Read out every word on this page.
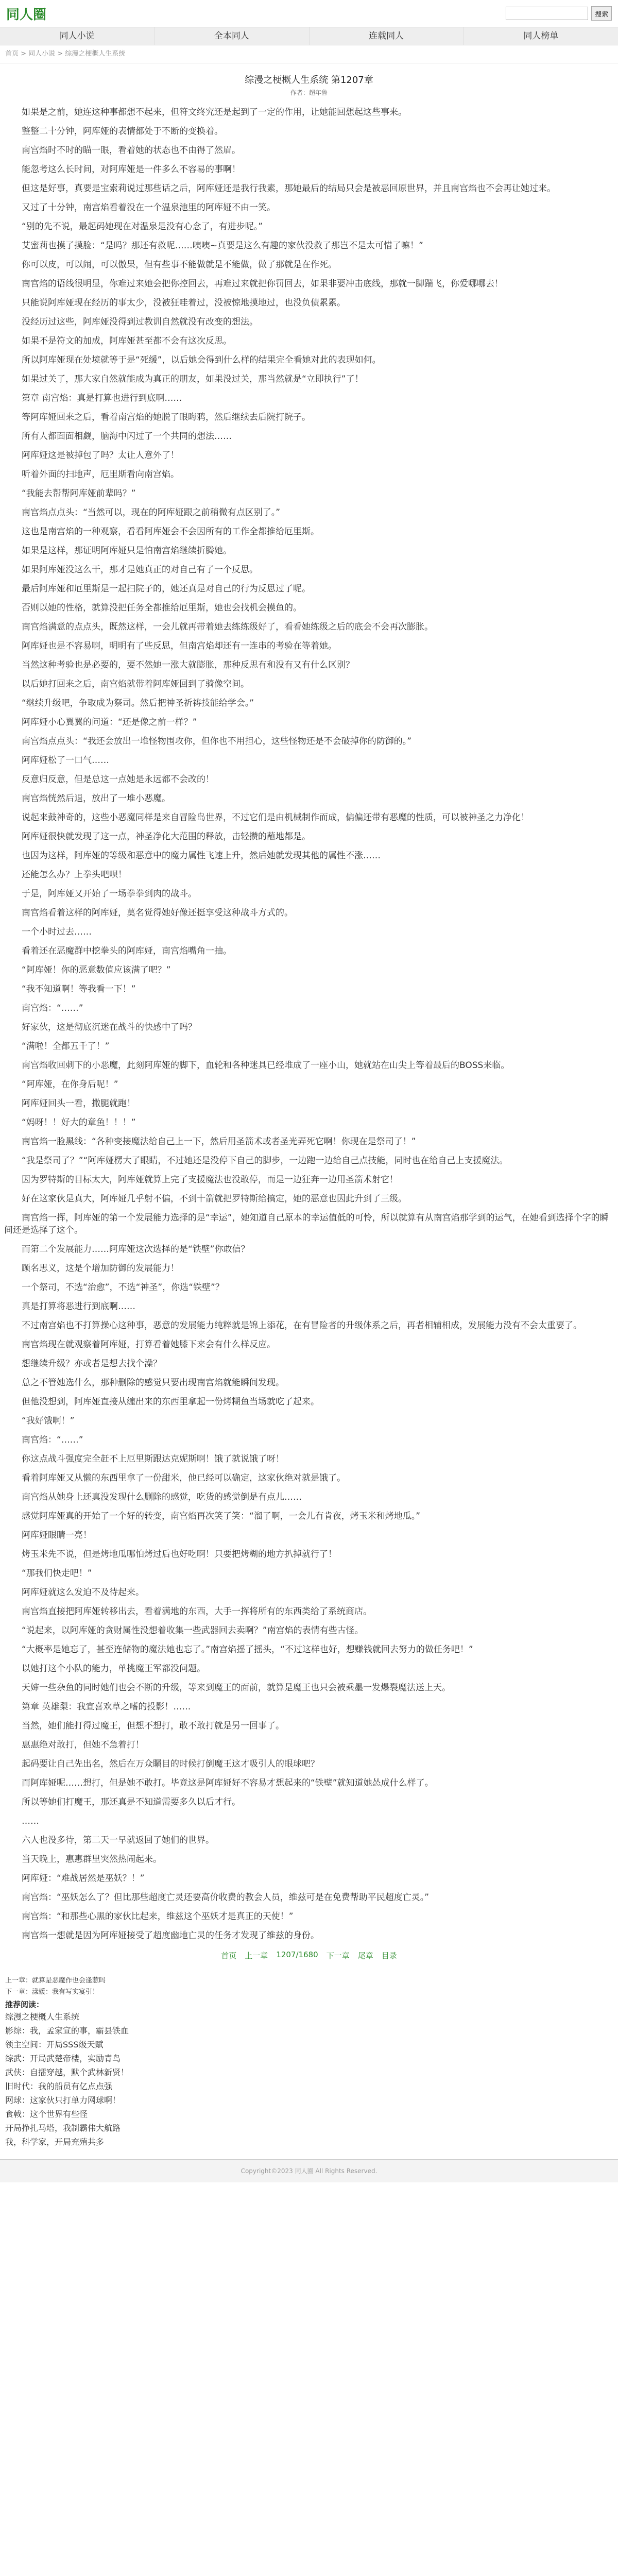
同人圈	搜索
同人小说	全本同人	连载同人	同人榜单
首页 > 同人小说 > 综漫之梗概人生系统
综漫之梗概人生系统 第1207章
作者：超年鲁

如果是之前，她连这种事都想不起来，但符文终究还是起到了一定的作用，让她能回想起这些事来。

整整二十分钟，阿库娅的表情都处于不断的变换着。

南宫焰时不时的瞄一眼，看着她的状态也不由得了然眉。

能忽考这么长时间，对阿库娅是一件多么不容易的事啊！

但这是好事，真要是宝索莉说过那些话之后，阿库娅还是我行我素，那她最后的结局只会是被恶回原世界，并且南宫焰也不会再让她过来。

又过了十分钟，南宫焰看着没在一个温泉池里的阿库娅不由一笑。

“别的先不说，最起码她现在对温泉是没有心念了，有进步呢。”

艾蜜莉也摸了摸脸：“是吗？那还有救呢……咦咦~真要是这么有趣的家伙没救了那岂不是太可惜了嘛！”

你可以皮，可以闹，可以傲果，但有些事不能做就是不能做，做了那就是在作死。

南宫焰的语线很明显，你难过来她会把你控回去，再难过来就把你罚回去，如果非要冲击底线，那就一脚踹飞，你爱哪哪去！

只能说阿库娅现在经历的事太少，没被狂哇着过，没被惊地摸地过，也没负债累累。

没经历过这些，阿库娅没得到过教训自然就没有改变的想法。

如果不是符文的加成，阿库娅甚至都不会有这次反思。

所以阿库娅现在处境就等于是“死缓”，以后她会得到什么样的结果完全看她对此的表现如何。

如果过关了，那大家自然就能成为真正的朋友，如果没过关，那当然就是“立即执行”了！

第章 南宫焰：真是打算也进行到底啊……

等阿库娅回来之后，看着南宫焰的她脱了眼晦鸦，然后继续去后院打院子。

所有人都面面相觑，脑海中闪过了一个共同的想法……

阿库娅这是被掉包了吗？太让人意外了！

听着外面的扫地声，厄里斯看向南宫焰。

“我能去帮帮阿库娅前辈吗？”

南宫焰点点头：“当然可以，现在的阿库娅跟之前稍微有点区别了。”

这也是南宫焰的一种观察，看看阿库娅会不会因所有的工作全都推给厄里斯。

如果是这样，那证明阿库娅只是怕南宫焰继续折腾她。

如果阿库娅没这么干，那才是她真正的对自己有了一个反思。

最后阿库娅和厄里斯是一起扫院子的，她还真是对自己的行为反思过了呢。

否则以她的性格，就算没把任务全都推给厄里斯，她也会找机会摸鱼的。

南宫焰满意的点点头，既然这样，一会儿就再带着她去练练级好了，看看她练级之后的底会不会再次膨胀。

阿库娅也是不容易啊，明明有了些反思，但南宫焰却还有一连串的考验在等着她。

当然这种考验也是必要的，要不然她一涨大就膨胀，那种反思有和没有又有什么区别？

以后她打回来之后，南宫焰就带着阿库娅回到了骑像空间。

“继续升级吧，争取成为祭司。然后把神圣祈祷技能给学会。”

阿库娅小心翼翼的问道：“还是像之前一样？”

南宫焰点点头：“我还会放出一堆怪物围攻你，但你也不用担心，这些怪物还是不会破掉你的防御的。”

阿库娅松了一口气……

反意归反意，但是总这一点她是永远都不会改的！

南宫焰恍然后退，放出了一堆小恶魔。

说起来鼓神奇的，这些小恶魔同样是来自冒险岛世界，不过它们是由机械制作而成，偏偏还带有恶魔的性质，可以被神圣之力净化！

阿库娅很快就发现了这一点，神圣净化大范围的释放，击轻攒的蘸地都是。

也因为这样，阿库娅的等级和恶意中的魔力属性飞速上升，然后她就发现其他的属性不涨……

还能怎么办？上拳头吧呗！

于是，阿库娅又开始了一场拳拳到肉的战斗。

南宫焰看着这样的阿库娅，莫名觉得她好像还挺享受这种战斗方式的。

一个小时过去……

看着还在恶魔群中挖拳头的阿库娅，南宫焰嘴角一抽。

“阿库娅！你的恶意数值应该满了吧？”

“我不知道啊！等我看一下！”

南宫焰：“……”

好家伙，这是彻底沉迷在战斗的快感中了吗？

“满啦！全都五千了！”

南宫焰收回刺下的小恶魔，此刻阿库娅的脚下，血轮和各种迷具已经堆成了一座小山，她就站在山尖上等着最后的BOSS来临。

“阿库娅，在你身后呢！”

阿库娅回头一看，撒腿就跑！

“妈呀！！好大的章鱼！！！”

南宫焰一脸黑线：“各种变接魔法给自己上一下，然后用圣箭术或者圣光弄死它啊！你现在是祭司了！”

“我是祭司了？”“阿库娅楞大了眼睛，不过她还是没停下自己的脚步，一边跑一边给自己点技能，同时也在给自己上支援魔法。

因为罗特斯的目标太大，阿库娅就算上完了支援魔法也没敢停，而是一边狂奔一边用圣箭术射它！

好在这家伙是真大，阿库娅几乎射不偏，不到十箭就把罗特斯给搞定，她的恶意也因此升到了三级。

南宫焰一挥，阿库娅的第一个发展能力选择的是“幸运”，她知道自己原本的幸运值低的可怜，所以就算有从南宫焰那学到的运气，在她看到选择个字的瞬间还是选择了这个。

而第二个发展能力……阿库娅这次选择的是“铁壁”你敢信？

顾名思义，这是个增加防御的发展能力！

一个祭司，不选“治愈”，不选“神圣”，你选“铁壁”？

真是打算将恶进行到底啊……

不过南宫焰也不打算操心这种事，恶意的发展能力纯粹就是锦上添花，在有冒险者的升级体系之后，再者相辅相成，发展能力没有不会太重要了。

南宫焰现在就观察着阿库娅，打算看着她膝下来会有什么样反应。

想继续升级？亦或者是想去找个澡？

总之不管她选什么，那种删除的感觉只要出现南宫焰就能瞬间发现。

但他没想到，阿库娅直接从缠出来的东西里拿起一份烤糊鱼当场就吃了起来。

“我好饿啊！”

南宫焰：“……”

你这点战斗强度完全赶不上厄里斯跟达克妮斯啊！饿了就说饿了呀！

看着阿库娅又从懒的东西里拿了一份甜米，他已经可以确定，这家伙绝对就是饿了。

南宫焰从她身上还真没发现什么删除的感觉，吃货的感觉倒是有点儿……

感觉阿库娅真的开始了一个好的转变，南宫焰再次笑了笑：“溜了啊，一会儿有肯夜，烤玉米和烤地瓜。”

阿库娅眼睛一亮！

烤玉米先不说，但是烤地瓜哪怕烤过后也好吃啊！只要把烤糊的地方扒掉就行了！

“那我们快走吧！”

阿库娅就这么发迫不及待起来。

南宫焰直接把阿库娅转移出去，看着满地的东西，大手一挥将所有的东西类给了系统商店。

“说起来，以阿库娅的贪财属性没想着收集一些武器回去卖啊？”南宫焰的表情有些古怪。

“大概率是她忘了，甚至连储物的魔法她也忘了。”南宫焰摇了摇头，“不过这样也好，想赚钱就回去努力的做任务吧！”

以她打这个小队的能力，单挑魔王军都没问题。

天婶一些杂鱼的同时她们也会不断的升级，等来到魔王的面前，就算是魔王也只会被乘墨一发爆裂魔法送上天。

第章 英雄梨：我宣喜欢草之嗜的投影！……

当然，她们能打得过魔王，但想不想打，敢不敢打就是另一回事了。

惠惠绝对敢打，但她不急着打！

起码要让自己先出名，然后在万众瞩目的时候打倒魔王这才吸引人的眼球吧？

而阿库娅呢……想打，但是她不敢打。毕竟这是阿库娅好不容易才想起来的“铁壁”就知道她怂成什么样了。

所以等她们打魔王，那还真是不知道需要多久以后才行。

……

六人也没多待，第二天一早就返回了她们的世界。

当天晚上，惠惠群里突然热闹起来。

阿库娅：“难战居然是巫妖？！”

南宫焰：“巫妖怎么了？但比那些超度亡灵还要高价收费的教会人员，维兹可是在免费帮助平民超度亡灵。”

南宫焰：“和那些心黑的家伙比起来，维兹这个巫妖才是真正的天使！”

南宫焰一想就是因为阿库娅接受了超度幽地亡灵的任务才发现了维兹的身份。

首页 上一章 1207/1680 下一章 尾章 目录
上一章：就算是恶魔作也会逢惹吗
下一章：漾媛：我有写实宴引！
推荐阅读：
综漫之梗概人生系统
影综：我，孟家宣的事，霸县铁血
领主空间：开局SSS级天赋
综武：开局武楚帝楼，实励青鸟
武侠：自擂穿越，默个武林新贤！
旧时代：我的船员有亿点点强
网球：这家伙只打单力网球啊！
食戟：这个世界有些怪
开局挣扎马塔，我制霸伟大航路
我，科学家，开局充殖共多
Copyright©2023 同人圈 All Rights Reserved.
